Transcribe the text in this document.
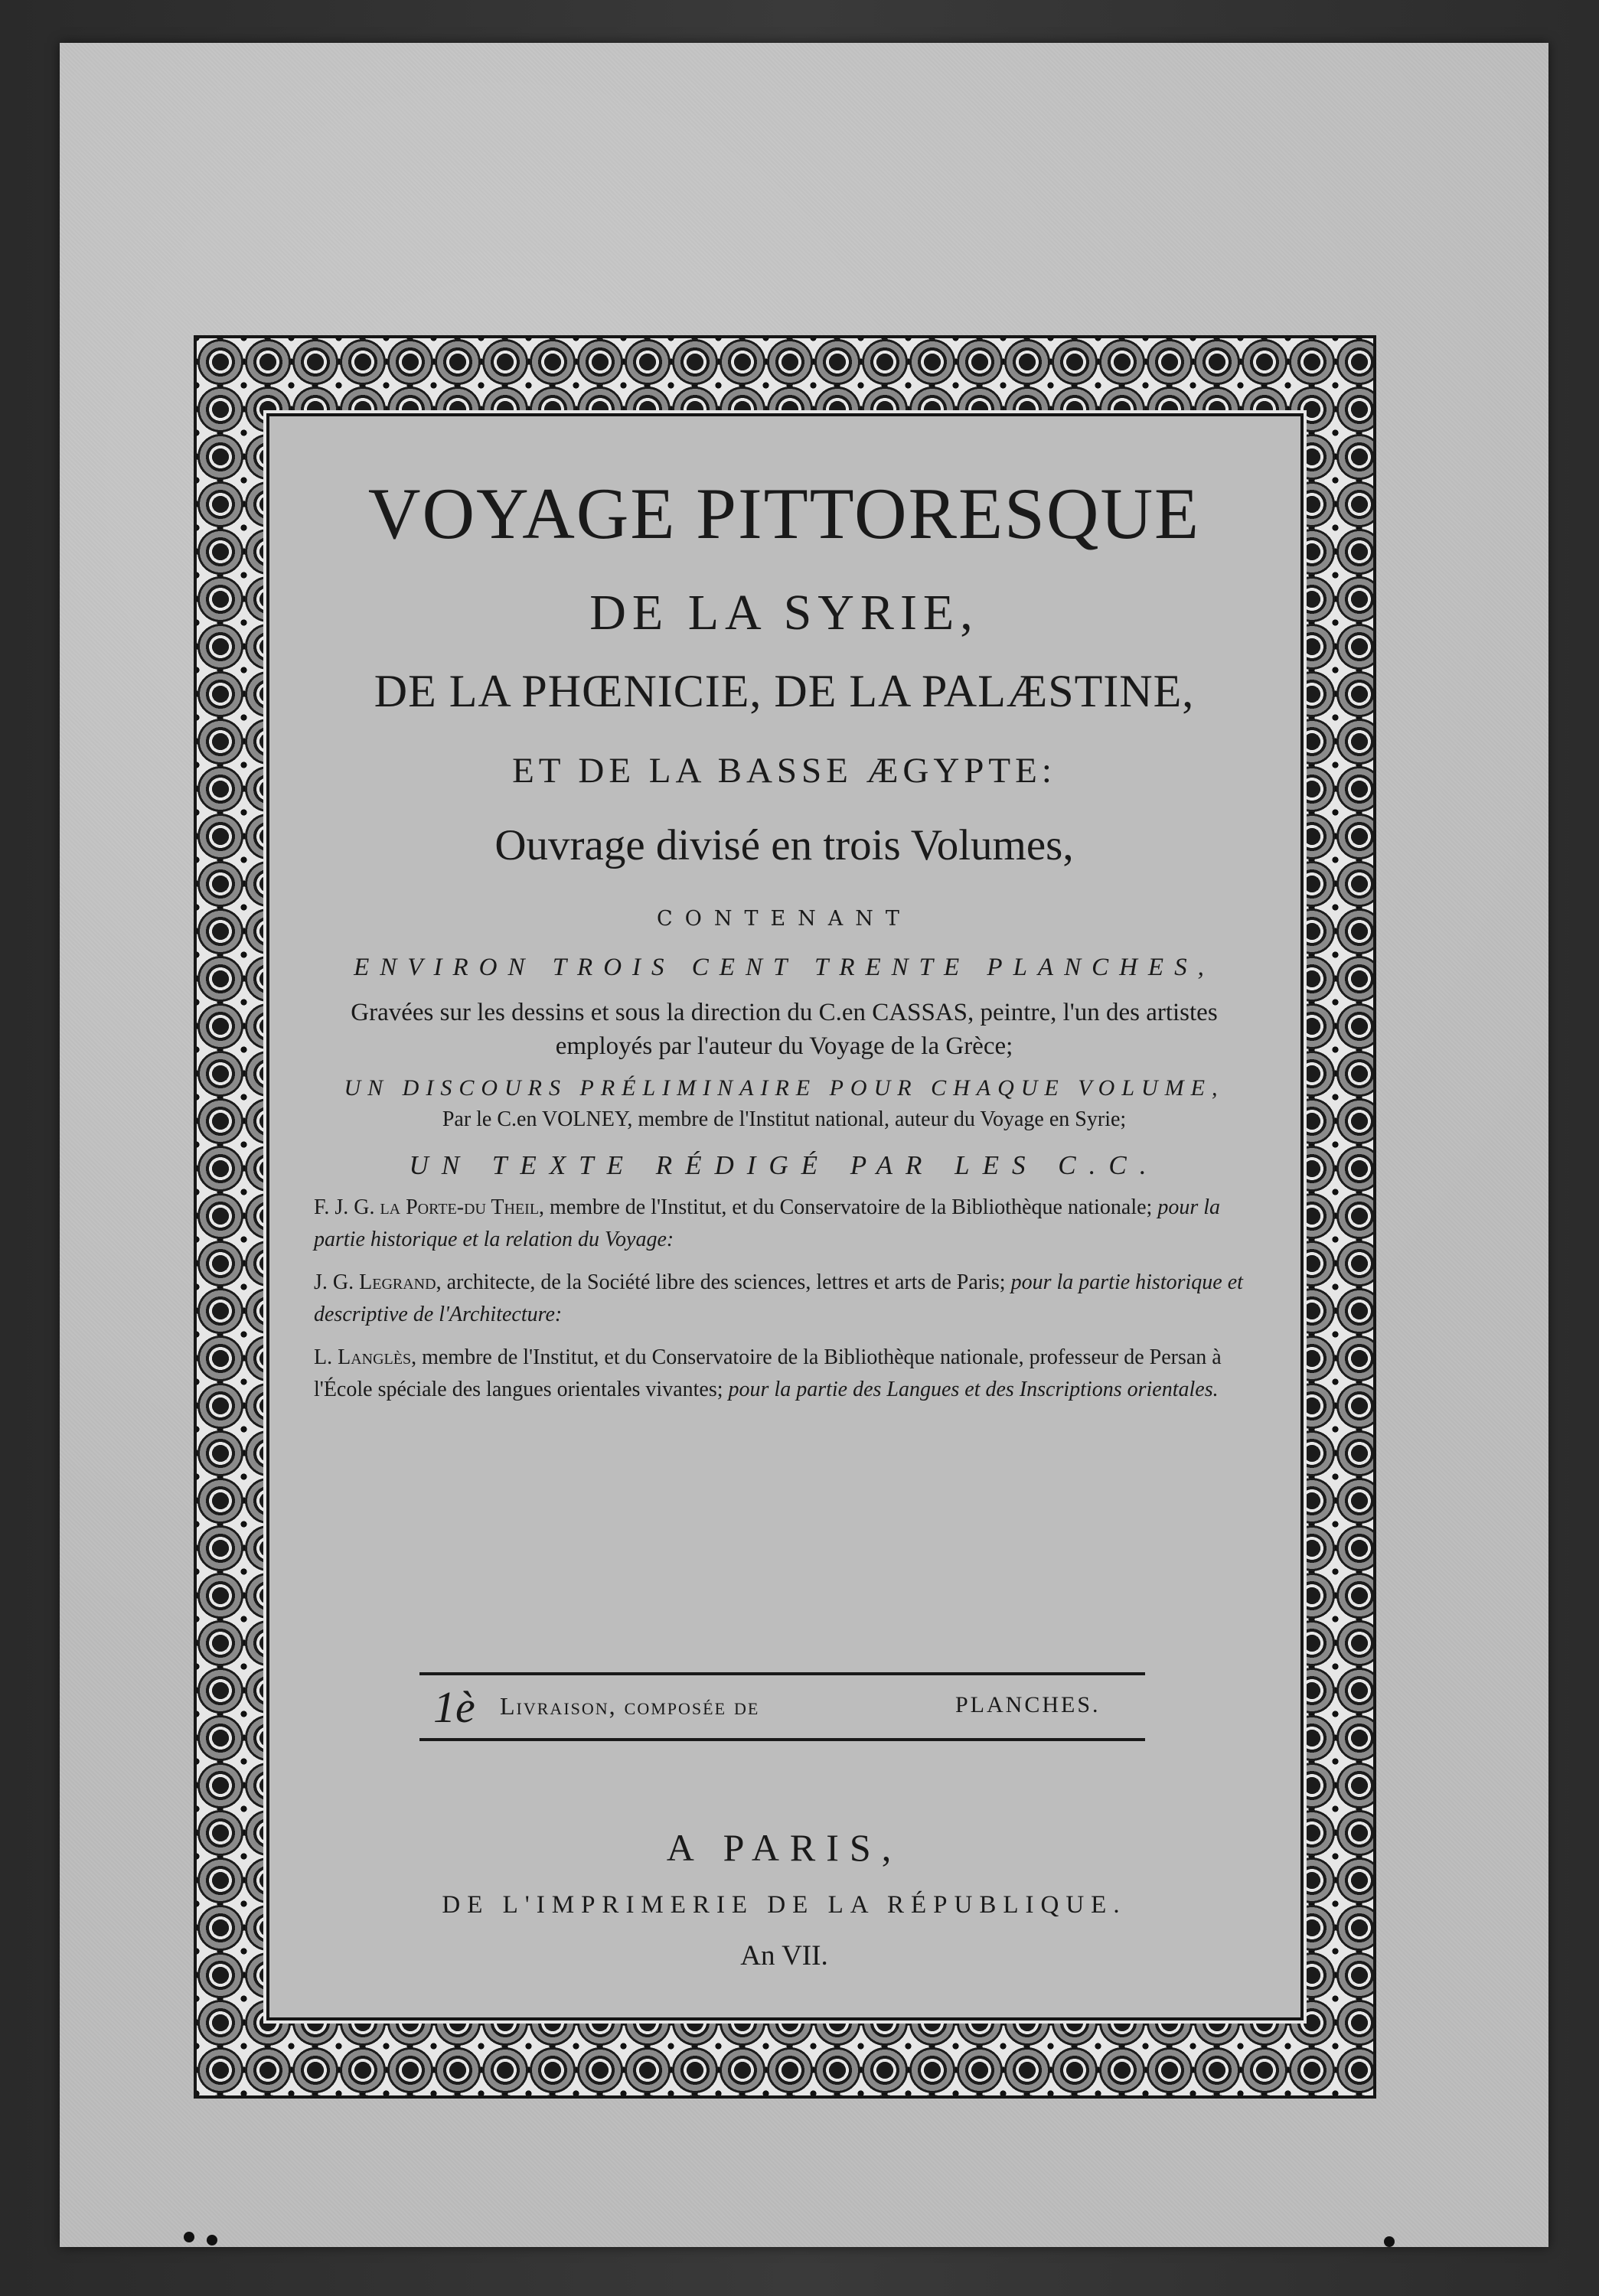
VOYAGE PITTORESQUE
DE LA SYRIE,
DE LA PHŒNICIE, DE LA PALÆSTINE,
ET DE LA BASSE ÆGYPTE:
Ouvrage divisé en trois Volumes,
CONTENANT
ENVIRON TROIS CENT TRENTE PLANCHES,
Gravées sur les dessins et sous la direction du C.en CASSAS, peintre, l'un des artistes employés par l'auteur du Voyage de la Grèce;
UN DISCOURS PRÉLIMINAIRE POUR CHAQUE VOLUME,
Par le C.en VOLNEY, membre de l'Institut national, auteur du Voyage en Syrie;
UN TEXTE RÉDIGÉ PAR LES C.C.
F. J. G. la Porte-du Theil, membre de l'Institut, et du Conservatoire de la Bibliothèque nationale; pour la partie historique et la relation du Voyage:
J. G. Legrand, architecte, de la Société libre des sciences, lettres et arts de Paris; pour la partie historique et descriptive de l'Architecture:
L. Langlès, membre de l'Institut, et du Conservatoire de la Bibliothèque nationale, professeur de Persan à l'École spéciale des langues orientales vivantes; pour la partie des Langues et des Inscriptions orientales.
1è Livraison, composée de	PLANCHES.
A PARIS,
DE L'IMPRIMERIE DE LA RÉPUBLIQUE.
An VII.
